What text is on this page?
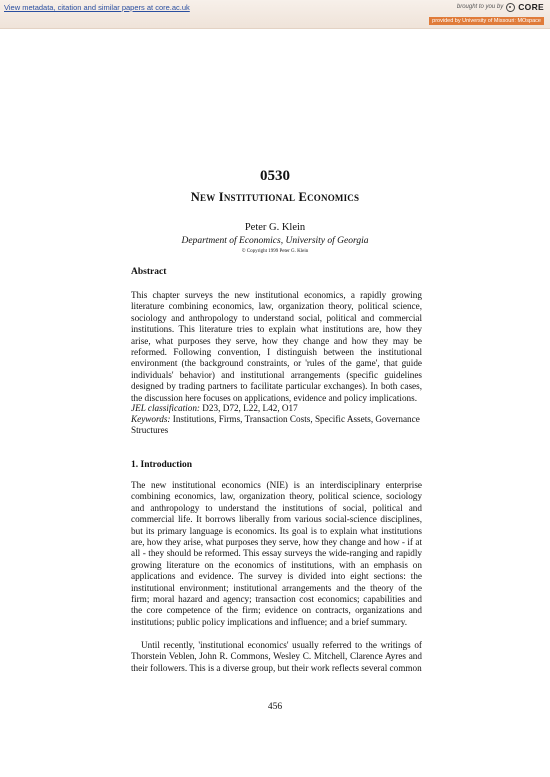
View metadata, citation and similar papers at core.ac.uk	brought to you by CORE
provided by University of Missouri: MOspace
0530
New Institutional Economics
Peter G. Klein
Department of Economics, University of Georgia
© Copyright 1999 Peter G. Klein
Abstract
This chapter surveys the new institutional economics, a rapidly growing literature combining economics, law, organization theory, political science, sociology and anthropology to understand social, political and commercial institutions. This literature tries to explain what institutions are, how they arise, what purposes they serve, how they change and how they may be reformed. Following convention, I distinguish between the institutional environment (the background constraints, or 'rules of the game', that guide individuals' behavior) and institutional arrangements (specific guidelines designed by trading partners to facilitate particular exchanges). In both cases, the discussion here focuses on applications, evidence and policy implications.
JEL classification: D23, D72, L22, L42, O17
Keywords: Institutions, Firms, Transaction Costs, Specific Assets, Governance Structures
1. Introduction
The new institutional economics (NIE) is an interdisciplinary enterprise combining economics, law, organization theory, political science, sociology and anthropology to understand the institutions of social, political and commercial life. It borrows liberally from various social-science disciplines, but its primary language is economics. Its goal is to explain what institutions are, how they arise, what purposes they serve, how they change and how - if at all - they should be reformed. This essay surveys the wide-ranging and rapidly growing literature on the economics of institutions, with an emphasis on applications and evidence. The survey is divided into eight sections: the institutional environment; institutional arrangements and the theory of the firm; moral hazard and agency; transaction cost economics; capabilities and the core competence of the firm; evidence on contracts, organizations and institutions; public policy implications and influence; and a brief summary.
Until recently, 'institutional economics' usually referred to the writings of Thorstein Veblen, John R. Commons, Wesley C. Mitchell, Clarence Ayres and their followers. This is a diverse group, but their work reflects several common
456
